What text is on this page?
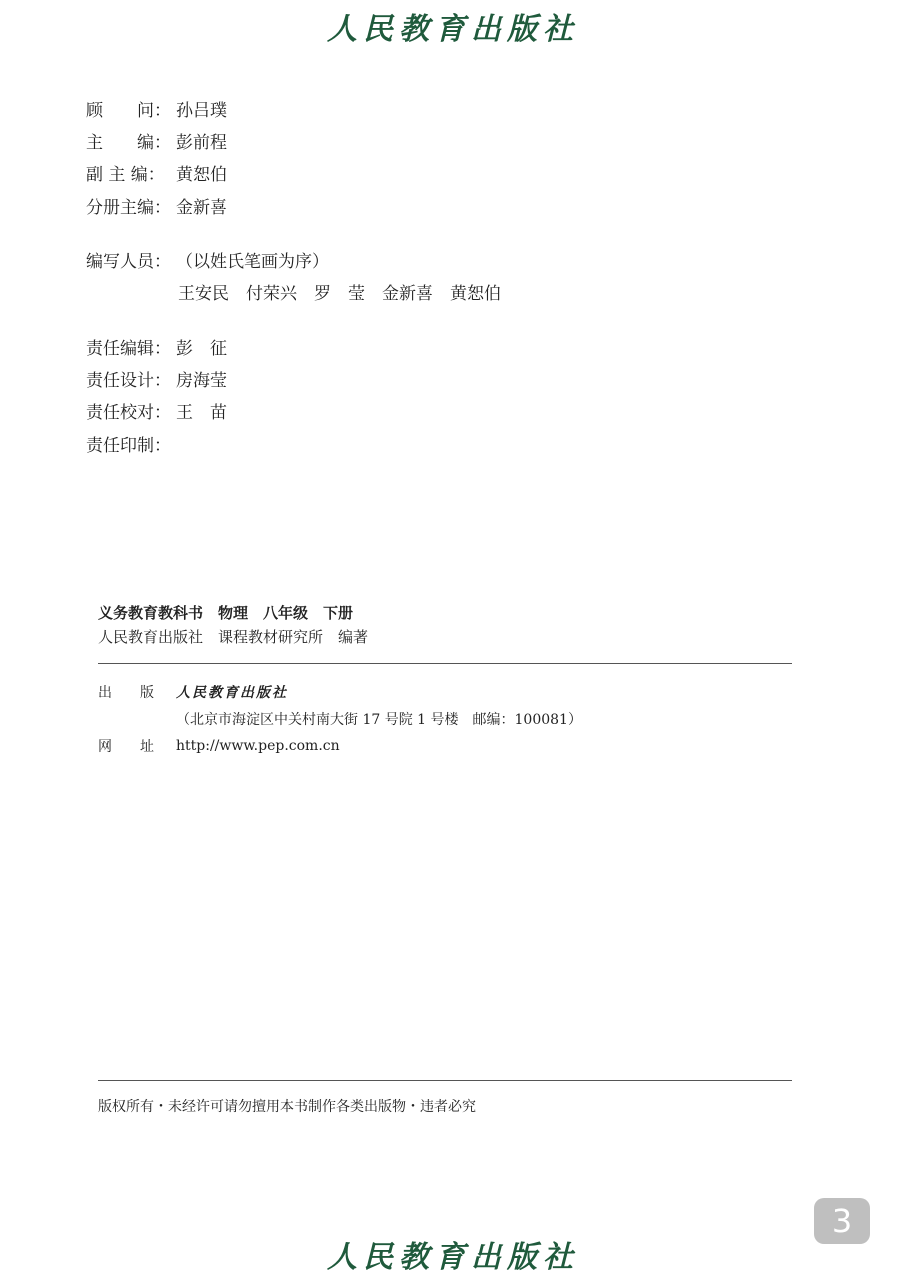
人民教育出版社
顾　　问： 孙吕璞
主　　编： 彭前程
副 主 编： 黄恕伯
分册主编： 金新喜
编写人员： （以姓氏笔画为序）
王安民　付荣兴　罗　莹　金新喜　黄恕伯
责任编辑： 彭　征
责任设计： 房海莹
责任校对： 王　苗
责任印制：
义务教育教科书　物理　八年级　下册
人民教育出版社　课程教材研究所　编著
出　　版	人民教育出版社
（北京市海淀区中关村南大街 17 号院 1 号楼　邮编：100081）
网　　址	http://www.pep.com.cn
版权所有・未经许可请勿擅用本书制作各类出版物・违者必究
3
人民教育出版社
